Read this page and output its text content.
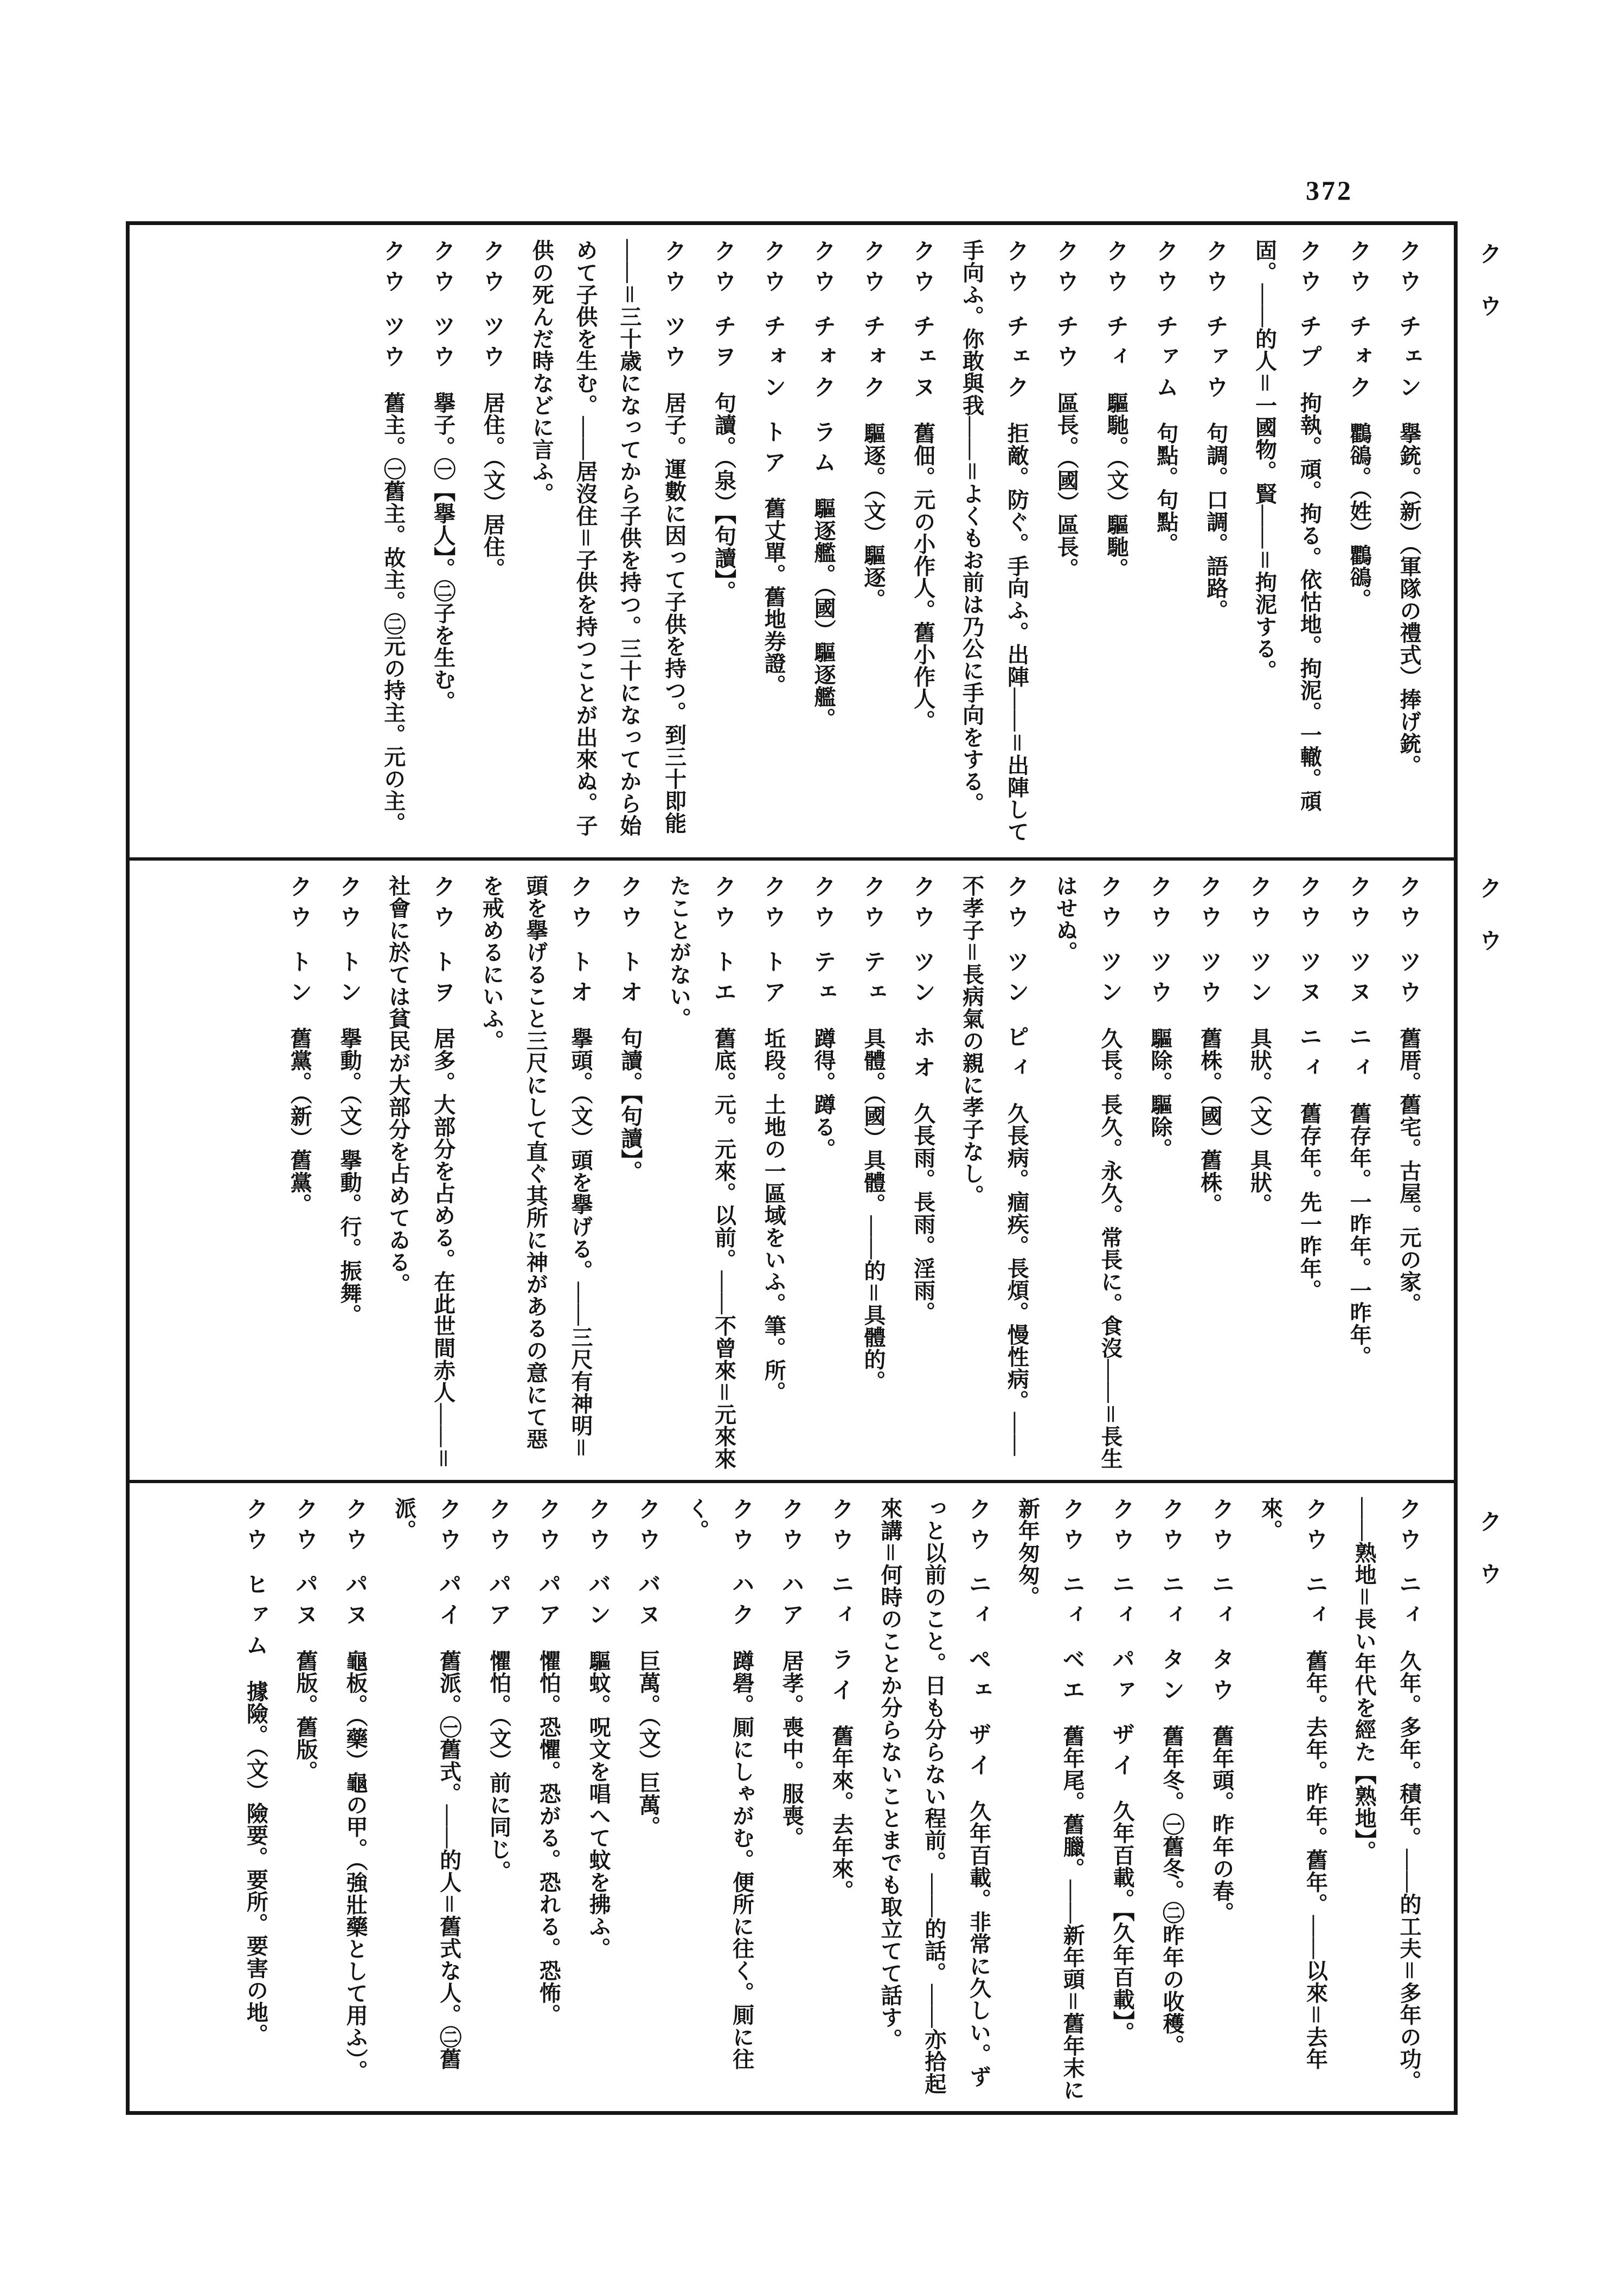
372
クウ チェン擧銃。（新）（軍隊の禮式）捧げ銃。
クウ チォク鸜鵒。（姓）鸜鵒。
クウ チプ拘執。頑。拘る。依怙地。拘泥。一轍。頑固。――的人＝一國物。賢――＝拘泥する。
クウ チァウ句調。口調。語路。
クウ チァム句點。句點。
クウ チィ驅馳。（文）驅馳。
クウ チウ區長。（國）區長。
クウ チェク拒敵。防ぐ。手向ふ。出陣――＝出陣して手向ふ。你敢與我――＝よくもお前は乃公に手向をする。
クウ チェヌ舊佃。元の小作人。舊小作人。
クウ チォク驅逐。（文）驅逐。
クウ チォク ラム驅逐艦。（國）驅逐艦。
クウ チォン トア舊丈單。舊地券證。
クウ チヲ句讀。（泉）【句讀】。
クウ ツウ居子。運數に因って子供を持つ。到三十即能――＝三十歳になってから子供を持つ。三十になってから始めて子供を生む。――居沒住＝子供を持つことが出來ぬ。子供の死んだ時などに言ふ。
クウ ツウ居住。（文）居住。
クウ ツウ擧子。㊀【擧人】。㊁子を生む。
クウ ツウ舊主。㊀舊主。故主。㊁元の持主。元の主。
クウ ツウ舊厝。舊宅。古屋。元の家。
クウ ツヌ ニィ舊存年。一昨年。一昨年。
クウ ツヌ ニィ舊存年。先一昨年。
クウ ツン具狀。（文）具狀。
クウ ツウ舊株。（國）舊株。
クウ ツウ驅除。驅除。
クウ ツン久長。長久。永久。常長に。食沒――＝長生はせぬ。
クウ ツン ピィ久長病。痼疾。長煩。慢性病。――不孝子＝長病氣の親に孝子なし。
クウ ツン ホオ久長雨。長雨。淫雨。
クウ テェ具體。（國）具體。――的＝具體的。
クウ テェ蹲得。蹲る。
クウ トア坵段。土地の一區域をいふ。筆。所。
クウ トエ舊底。元。元來。以前。――不曾來＝元來來たことがない。
クウ トオ句讀。【句讀】。
クウ トオ擧頭。（文）頭を擧げる。――三尺有神明＝頭を擧げること三尺にして直ぐ其所に神があるの意にて惡を戒めるにいふ。
クウ トヲ居多。大部分を占める。在此世間赤人――＝社會に於ては貧民が大部分を占めてゐる。
クウ トン擧動。（文）擧動。行。振舞。
クウ トン舊黨。（新）舊黨。
クウ ニィ久年。多年。積年。――的工夫＝多年の功。――熟地＝長い年代を經た【熟地】。
クウ ニィ舊年。去年。昨年。舊年。――以來＝去年來。
クウ ニィ タウ舊年頭。昨年の春。
クウ ニィ タン舊年冬。㊀舊冬。㊁昨年の收穫。
クウ ニィ パァ ザイ久年百載。【久年百載】。
クウ ニィ ベエ舊年尾。舊臘。――新年頭＝舊年末に新年匆匆。
クウ ニィ ペェ ザイ久年百載。非常に久しい。ずっと以前のこと。日も分らない程前。――的話。――亦拾起來講＝何時のことか分らないことまでも取立てて話す。
クウ ニィ ライ舊年來。去年來。
クウ ハア居孝。喪中。服喪。
クウ ハク蹲礐。厠にしゃがむ。便所に往く。厠に往く。
クウ バヌ巨萬。（文）巨萬。
クウ バン驅蚊。呪文を唱へて蚊を拂ふ。
クウ パア懼怕。恐懼。恐がる。恐れる。恐怖。
クウ パア懼怕。（文）前に同じ。
クウ パイ舊派。㊀舊式。――的人＝舊式な人。㊁舊派。
クウ パヌ龜板。（藥）龜の甲。（強壯藥として用ふ）。
クウ パヌ舊版。舊版。
クウ ヒァム據險。（文）險要。要所。要害の地。
クウ
クウ
クウ
